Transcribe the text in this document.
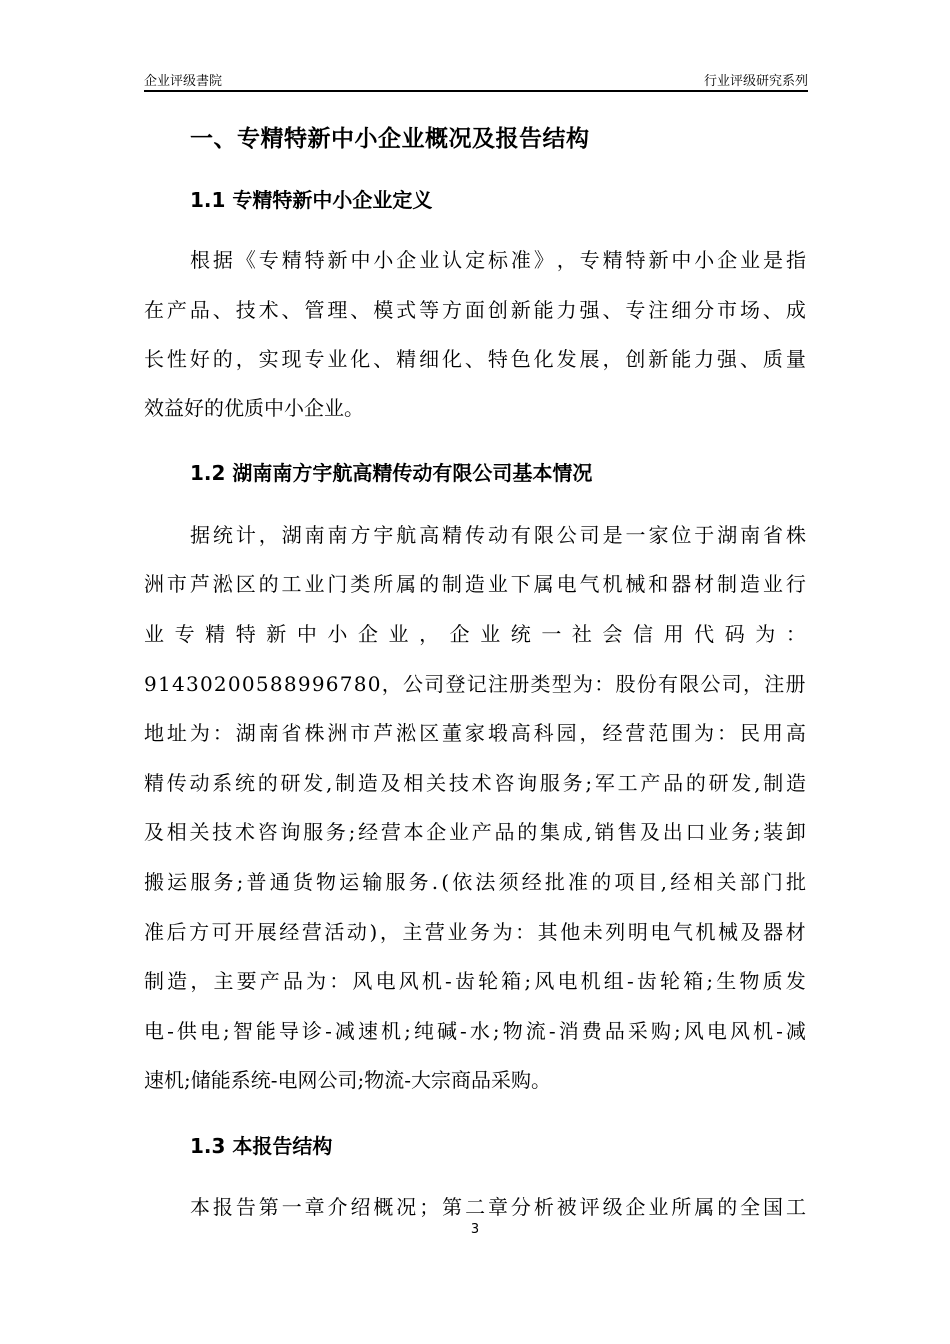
企业评级書院	行业评级研究系列
一、专精特新中小企业概况及报告结构
1.1 专精特新中小企业定义
根 据 《 专 精 特 新 中 小 企 业 认 定 标 准 》 ， 专 精 特 新 中 小 企 业 是 指
在 产 品 、 技 术 、 管 理 、 模 式 等 方 面 创 新 能 力 强 、 专 注 细 分 市 场 、 成
长 性 好 的 ， 实 现 专 业 化 、 精 细 化 、 特 色 化 发 展 ， 创 新 能 力 强 、 质 量
效益好的优质中小企业。
1.2 湖南南方宇航高精传动有限公司基本情况
据 统 计 ， 湖 南 南 方 宇 航 高 精 传 动 有 限 公 司 是 一 家 位 于 湖 南 省 株
洲 市 芦 淞 区 的 工 业 门 类 所 属 的 制 造 业 下 属 电 气 机 械 和 器 材 制 造 业 行
业 专 精 特 新 中 小 企 业 ， 企 业 统 一 社 会 信 用 代 码 为 ：
9 1 4 3 0 2 0 0 5 8 8 9 9 6 7 8 0 ， 公 司 登 记 注 册 类 型 为 ： 股 份 有 限 公 司 ， 注 册
地 址 为 ： 湖 南 省 株 洲 市 芦 淞 区 董 家 塅 高 科 园 ， 经 营 范 围 为 ： 民 用 高
精 传 动 系 统 的 研 发 , 制 造 及 相 关 技 术 咨 询 服 务 ; 军 工 产 品 的 研 发 , 制 造
及 相 关 技 术 咨 询 服 务 ; 经 营 本 企 业 产 品 的 集 成 , 销 售 及 出 口 业 务 ; 装 卸
搬 运 服 务 ; 普 通 货 物 运 输 服 务 . ( 依 法 须 经 批 准 的 项 目 , 经 相 关 部 门 批
准 后 方 可 开 展 经 营 活 动 ) ， 主 营 业 务 为 ： 其 他 未 列 明 电 气 机 械 及 器 材
制 造 ， 主 要 产 品 为 ： 风 电 风 机 - 齿 轮 箱 ; 风 电 机 组 - 齿 轮 箱 ; 生 物 质 发
电 - 供 电 ; 智 能 导 诊 - 减 速 机 ; 纯 碱 - 水 ; 物 流 - 消 费 品 采 购 ; 风 电 风 机 - 减
速机;储能系统-电网公司;物流-大宗商品采购。
1.3 本报告结构
本 报 告 第 一 章 介 绍 概 况 ； 第 二 章 分 析 被 评 级 企 业 所 属 的 全 国 工
3
